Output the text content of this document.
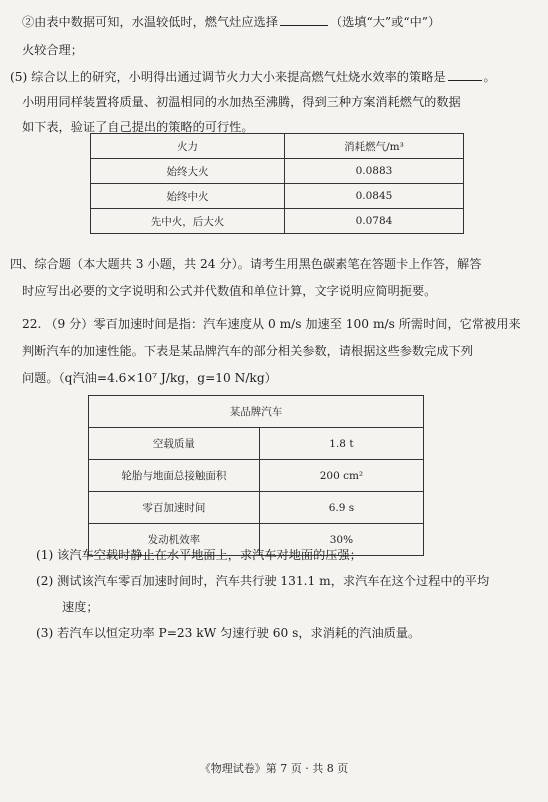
②由表中数据可知，水温较低时，燃气灶应选择	（选填“大”或“中”）
火较合理；
(5) 综合以上的研究，小明得出通过调节火力大小来提高燃气灶烧水效率的策略是	。
小明用同样装置将质量、初温相同的水加热至沸腾，得到三种方案消耗燃气的数据
如下表，验证了自己提出的策略的可行性。
火力	消耗燃气/m³
始终大火	0.0883
始终中火	0.0845
先中火，后大火	0.0784
四、综合题（本大题共 3 小题，共 24 分）。请考生用黑色碳素笔在答题卡上作答，解答
时应写出必要的文字说明和公式并代数值和单位计算，文字说明应简明扼要。
22. （9 分）零百加速时间是指：汽车速度从 0 m/s 加速至 100 m/s 所需时间，它常被用来
判断汽车的加速性能。下表是某品牌汽车的部分相关参数，请根据这些参数完成下列
问题。（q汽油=4.6×10⁷ J/kg，g=10 N/kg）
某品牌汽车	
空载质量	1.8 t
轮胎与地面总接触面积	200 cm²
零百加速时间	6.9 s
发动机效率	30%
(1) 该汽车空载时静止在水平地面上，求汽车对地面的压强；
(2) 测试该汽车零百加速时间时，汽车共行驶 131.1 m，求汽车在这个过程中的平均
速度；
(3) 若汽车以恒定功率 P=23 kW 匀速行驶 60 s，求消耗的汽油质量。
《物理试卷》第 7 页 · 共 8 页
